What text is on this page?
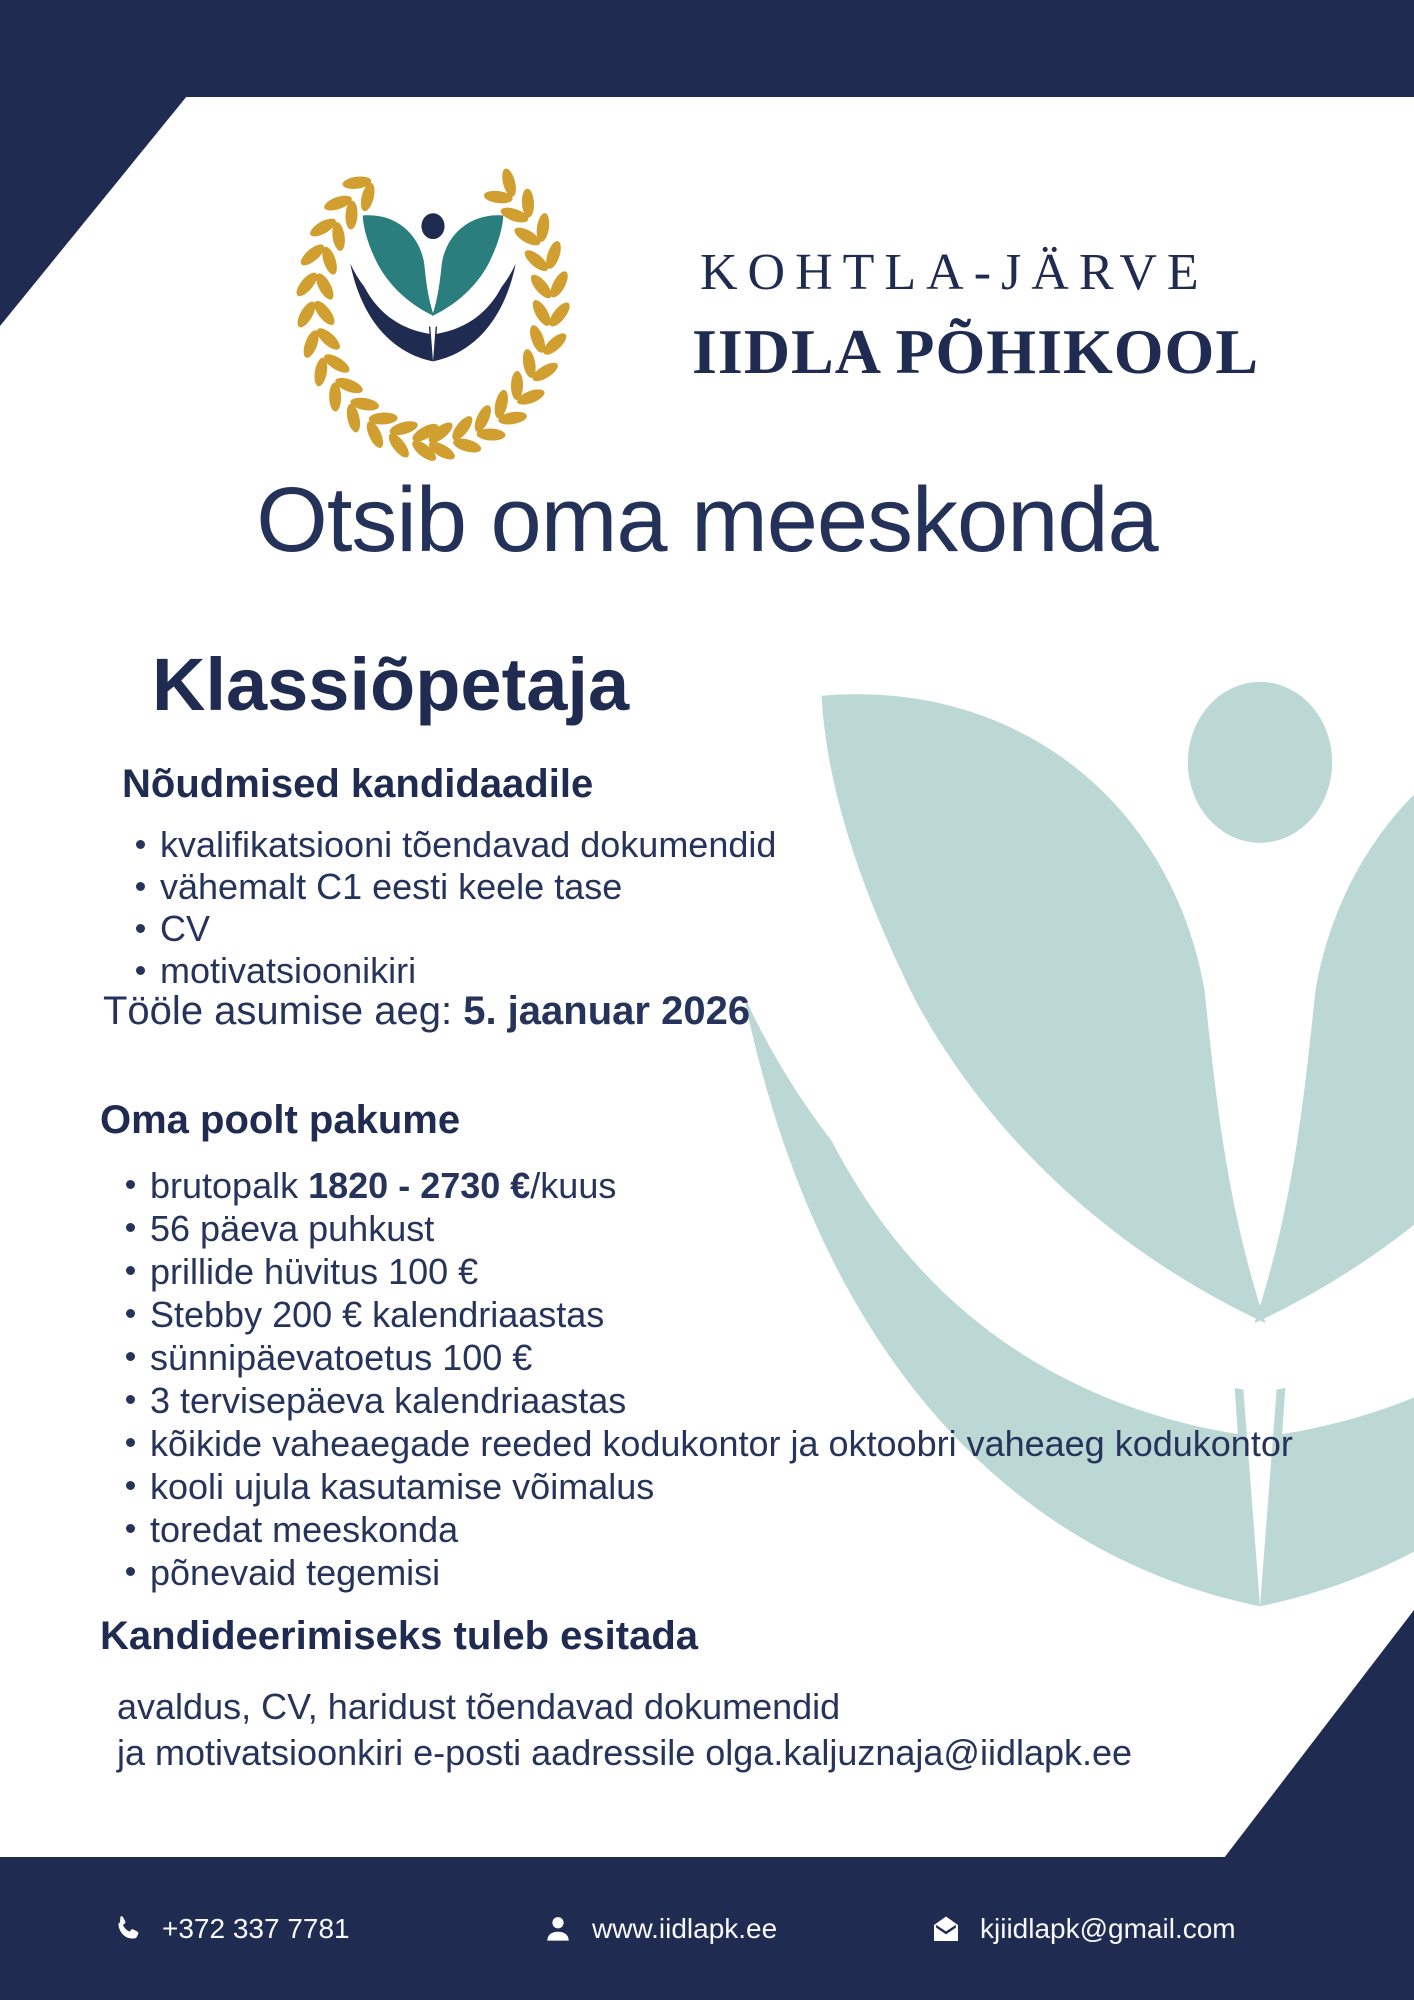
KOHTLA-JÄRVE
IIDLA PÕHIKOOL
Otsib oma meeskonda
Klassiõpetaja
Nõudmised kandidaadile
kvalifikatsiooni tõendavad dokumendid
vähemalt C1 eesti keele tase
CV
motivatsioonikiri
Tööle asumise aeg: 5. jaanuar 2026
Oma poolt pakume
brutopalk 1820 - 2730 €/kuus
56 päeva puhkust
prillide hüvitus 100 €
Stebby 200 € kalendriaastas
sünnipäevatoetus 100 €
3 tervisepäeva kalendriaastas
kõikide vaheaegade reeded kodukontor ja oktoobri vaheaeg kodukontor
kooli ujula kasutamise võimalus
toredat meeskonda
põnevaid tegemisi
Kandideerimiseks tuleb esitada
avaldus, CV, haridust tõendavad dokumendid
ja motivatsioonkiri e-posti aadressile olga.kaljuznaja@iidlapk.ee
+372 337 7781	www.iidlapk.ee	kjiidlapk@gmail.com
